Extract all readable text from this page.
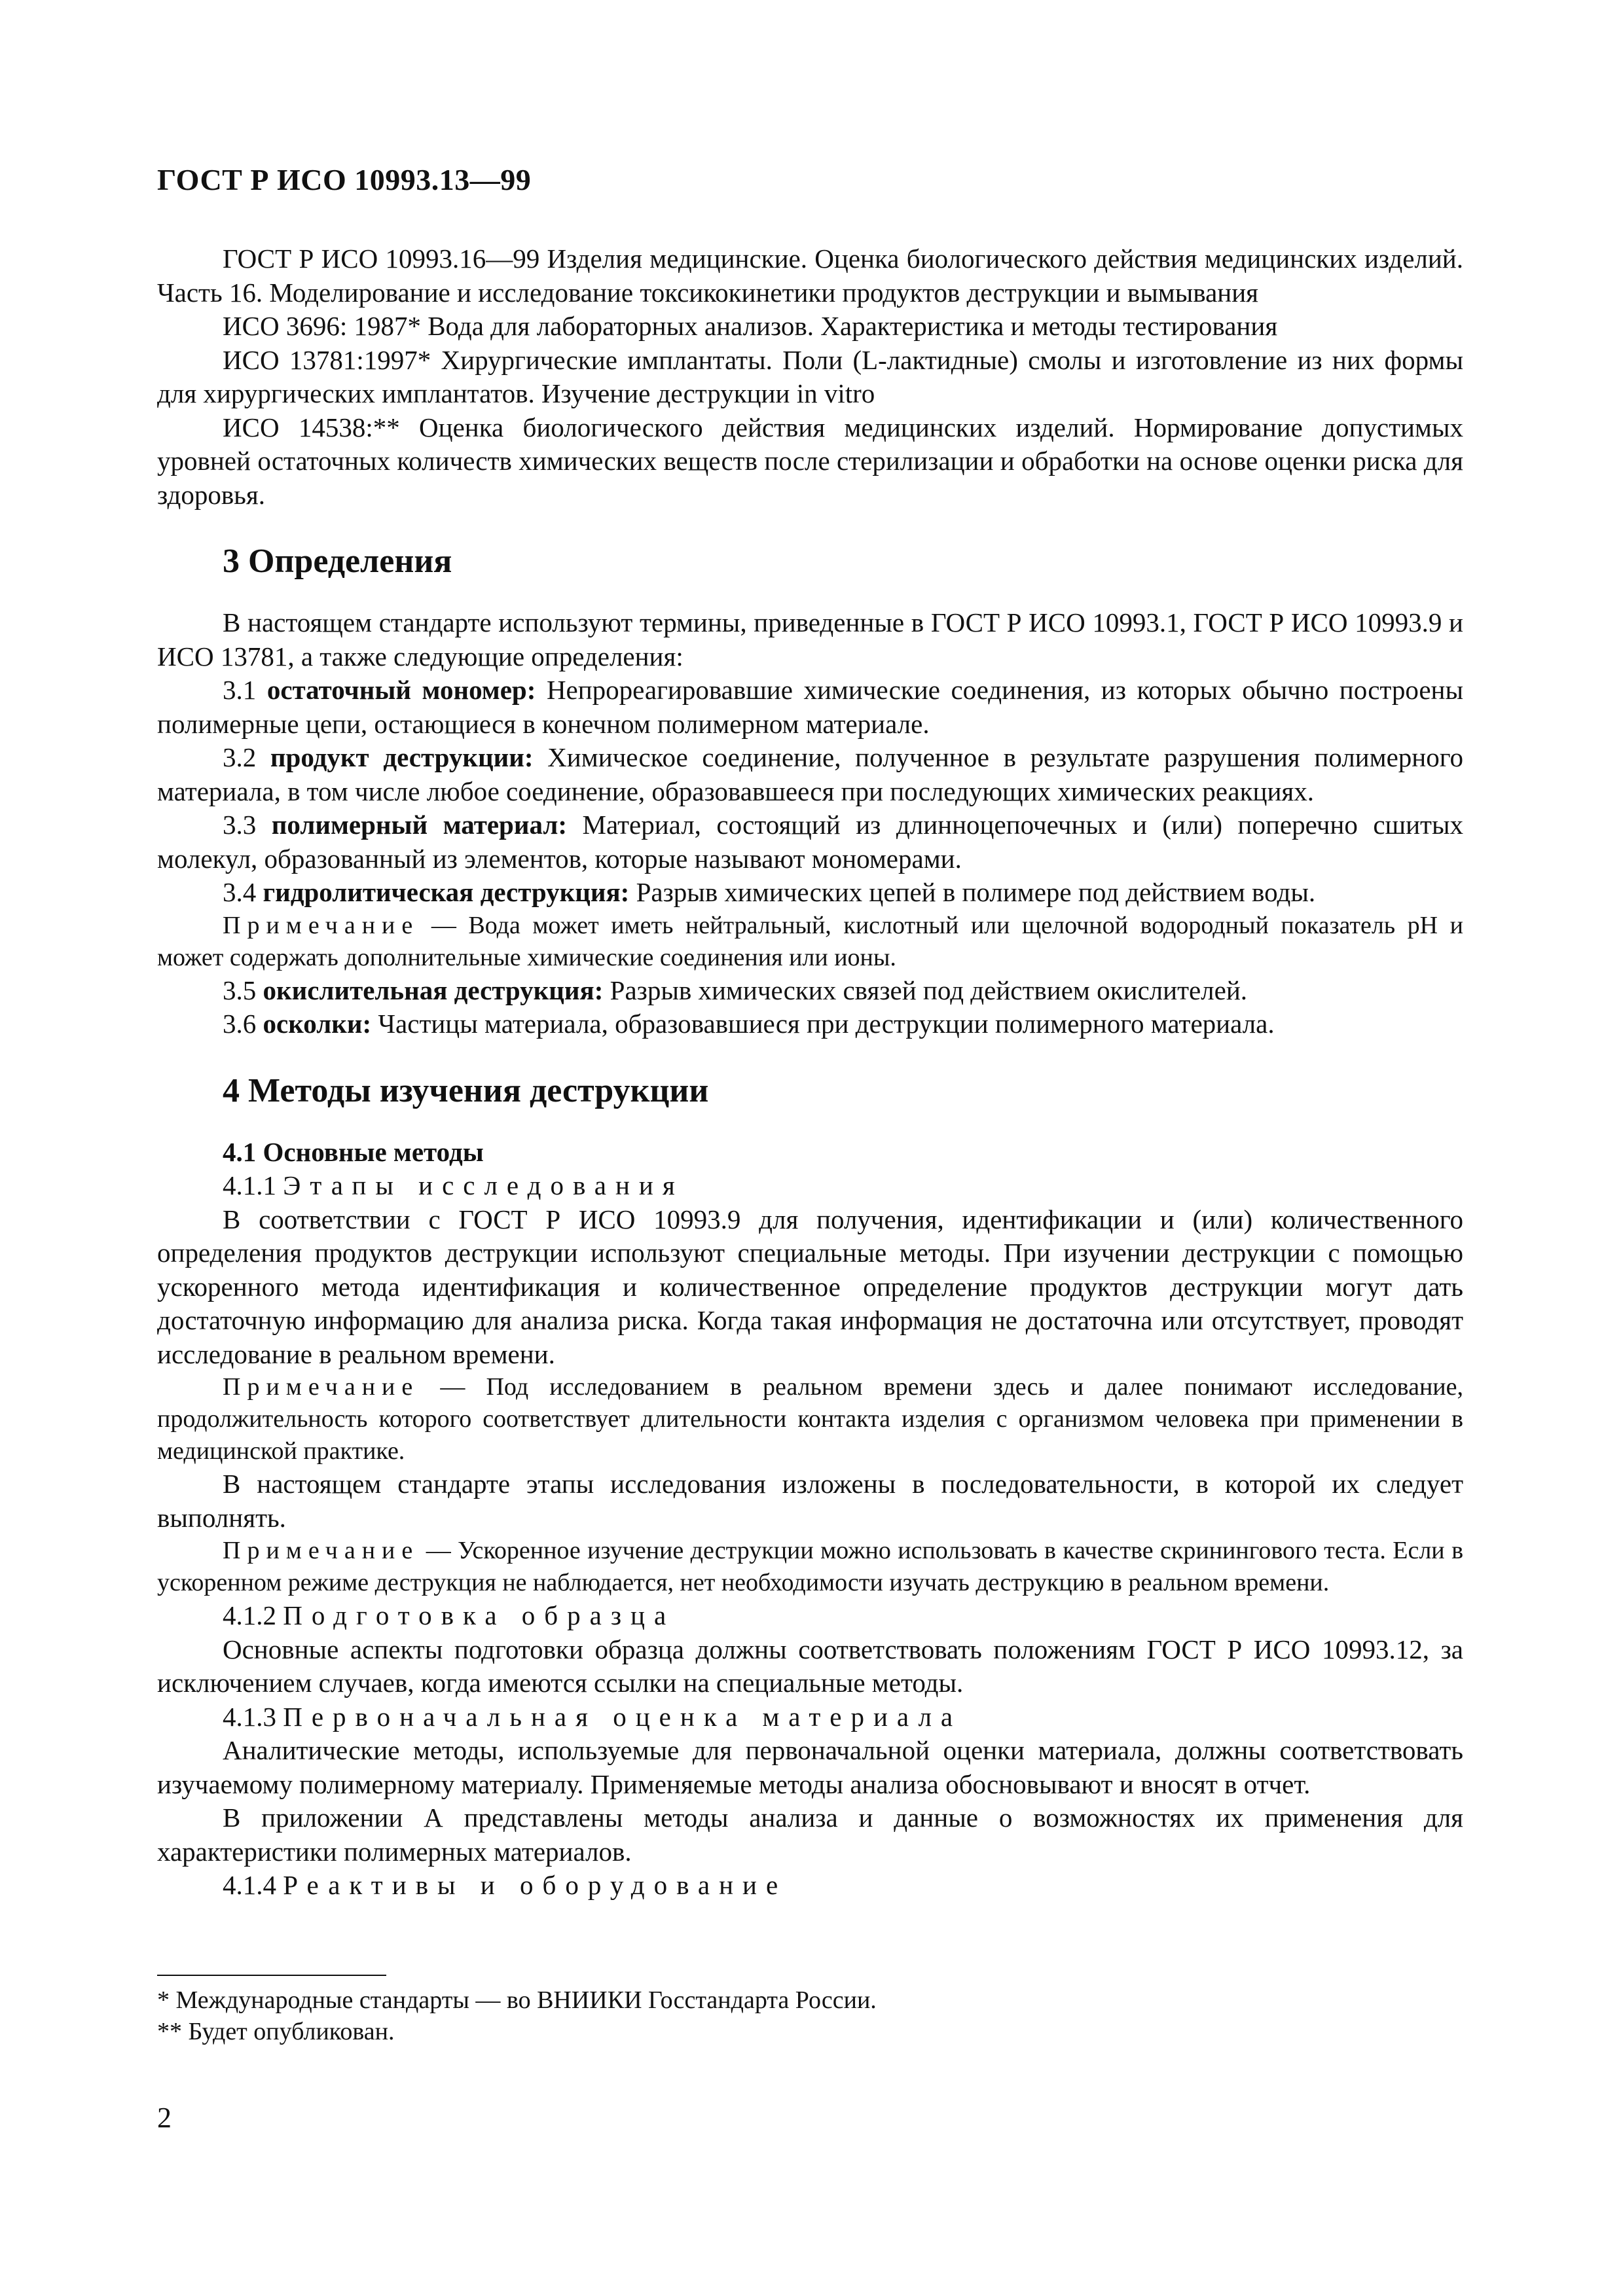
ГОСТ Р ИСО 10993.13—99

ГОСТ Р ИСО 10993.16—99 Изделия медицинские. Оценка биологического действия медицинских изделий. Часть 16. Моделирование и исследование токсикокинетики продуктов деструкции и вымывания

ИСО 3696: 1987* Вода для лабораторных анализов. Характеристика и методы тестирования

ИСО 13781:1997* Хирургические имплантаты. Поли (L-лактидные) смолы и изготовление из них формы для хирургических имплантатов. Изучение деструкции in vitro

ИСО 14538:** Оценка биологического действия медицинских изделий. Нормирование допустимых уровней остаточных количеств химических веществ после стерилизации и обработки на основе оценки риска для здоровья.

3 Определения

В настоящем стандарте используют термины, приведенные в ГОСТ Р ИСО 10993.1, ГОСТ Р ИСО 10993.9 и ИСО 13781, а также следующие определения:

3.1 остаточный мономер: Непрореагировавшие химические соединения, из которых обычно построены полимерные цепи, остающиеся в конечном полимерном материале.

3.2 продукт деструкции: Химическое соединение, полученное в результате разрушения полимерного материала, в том числе любое соединение, образовавшееся при последующих химических реакциях.

3.3 полимерный материал: Материал, состоящий из длинноцепочечных и (или) поперечно сшитых молекул, образованный из элементов, которые называют мономерами.

3.4 гидролитическая деструкция: Разрыв химических цепей в полимере под действием воды.

Примечание — Вода может иметь нейтральный, кислотный или щелочной водородный показатель pH и может содержать дополнительные химические соединения или ионы.

3.5 окислительная деструкция: Разрыв химических связей под действием окислителей.

3.6 осколки: Частицы материала, образовавшиеся при деструкции полимерного материала.

4 Методы изучения деструкции
4.1 Основные методы

4.1.1 Этапы исследования

В соответствии с ГОСТ Р ИСО 10993.9 для получения, идентификации и (или) количественного определения продуктов деструкции используют специальные методы. При изучении деструкции с помощью ускоренного метода идентификация и количественное определение продуктов деструкции могут дать достаточную информацию для анализа риска. Когда такая информация не достаточна или отсутствует, проводят исследование в реальном времени.

Примечание — Под исследованием в реальном времени здесь и далее понимают исследование, продолжительность которого соответствует длительности контакта изделия с организмом человека при применении в медицинской практике.

В настоящем стандарте этапы исследования изложены в последовательности, в которой их следует выполнять.

Примечание — Ускоренное изучение деструкции можно использовать в качестве скринингового теста. Если в ускоренном режиме деструкция не наблюдается, нет необходимости изучать деструкцию в реальном времени.

4.1.2 Подготовка образца

Основные аспекты подготовки образца должны соответствовать положениям ГОСТ Р ИСО 10993.12, за исключением случаев, когда имеются ссылки на специальные методы.

4.1.3 Первоначальная оценка материала

Аналитические методы, используемые для первоначальной оценки материала, должны соответствовать изучаемому полимерному материалу. Применяемые методы анализа обосновывают и вносят в отчет.

В приложении А представлены методы анализа и данные о возможностях их применения для характеристики полимерных материалов.

4.1.4 Реактивы и оборудование

* Международные стандарты — во ВНИИКИ Госстандарта России.

** Будет опубликован.

2
